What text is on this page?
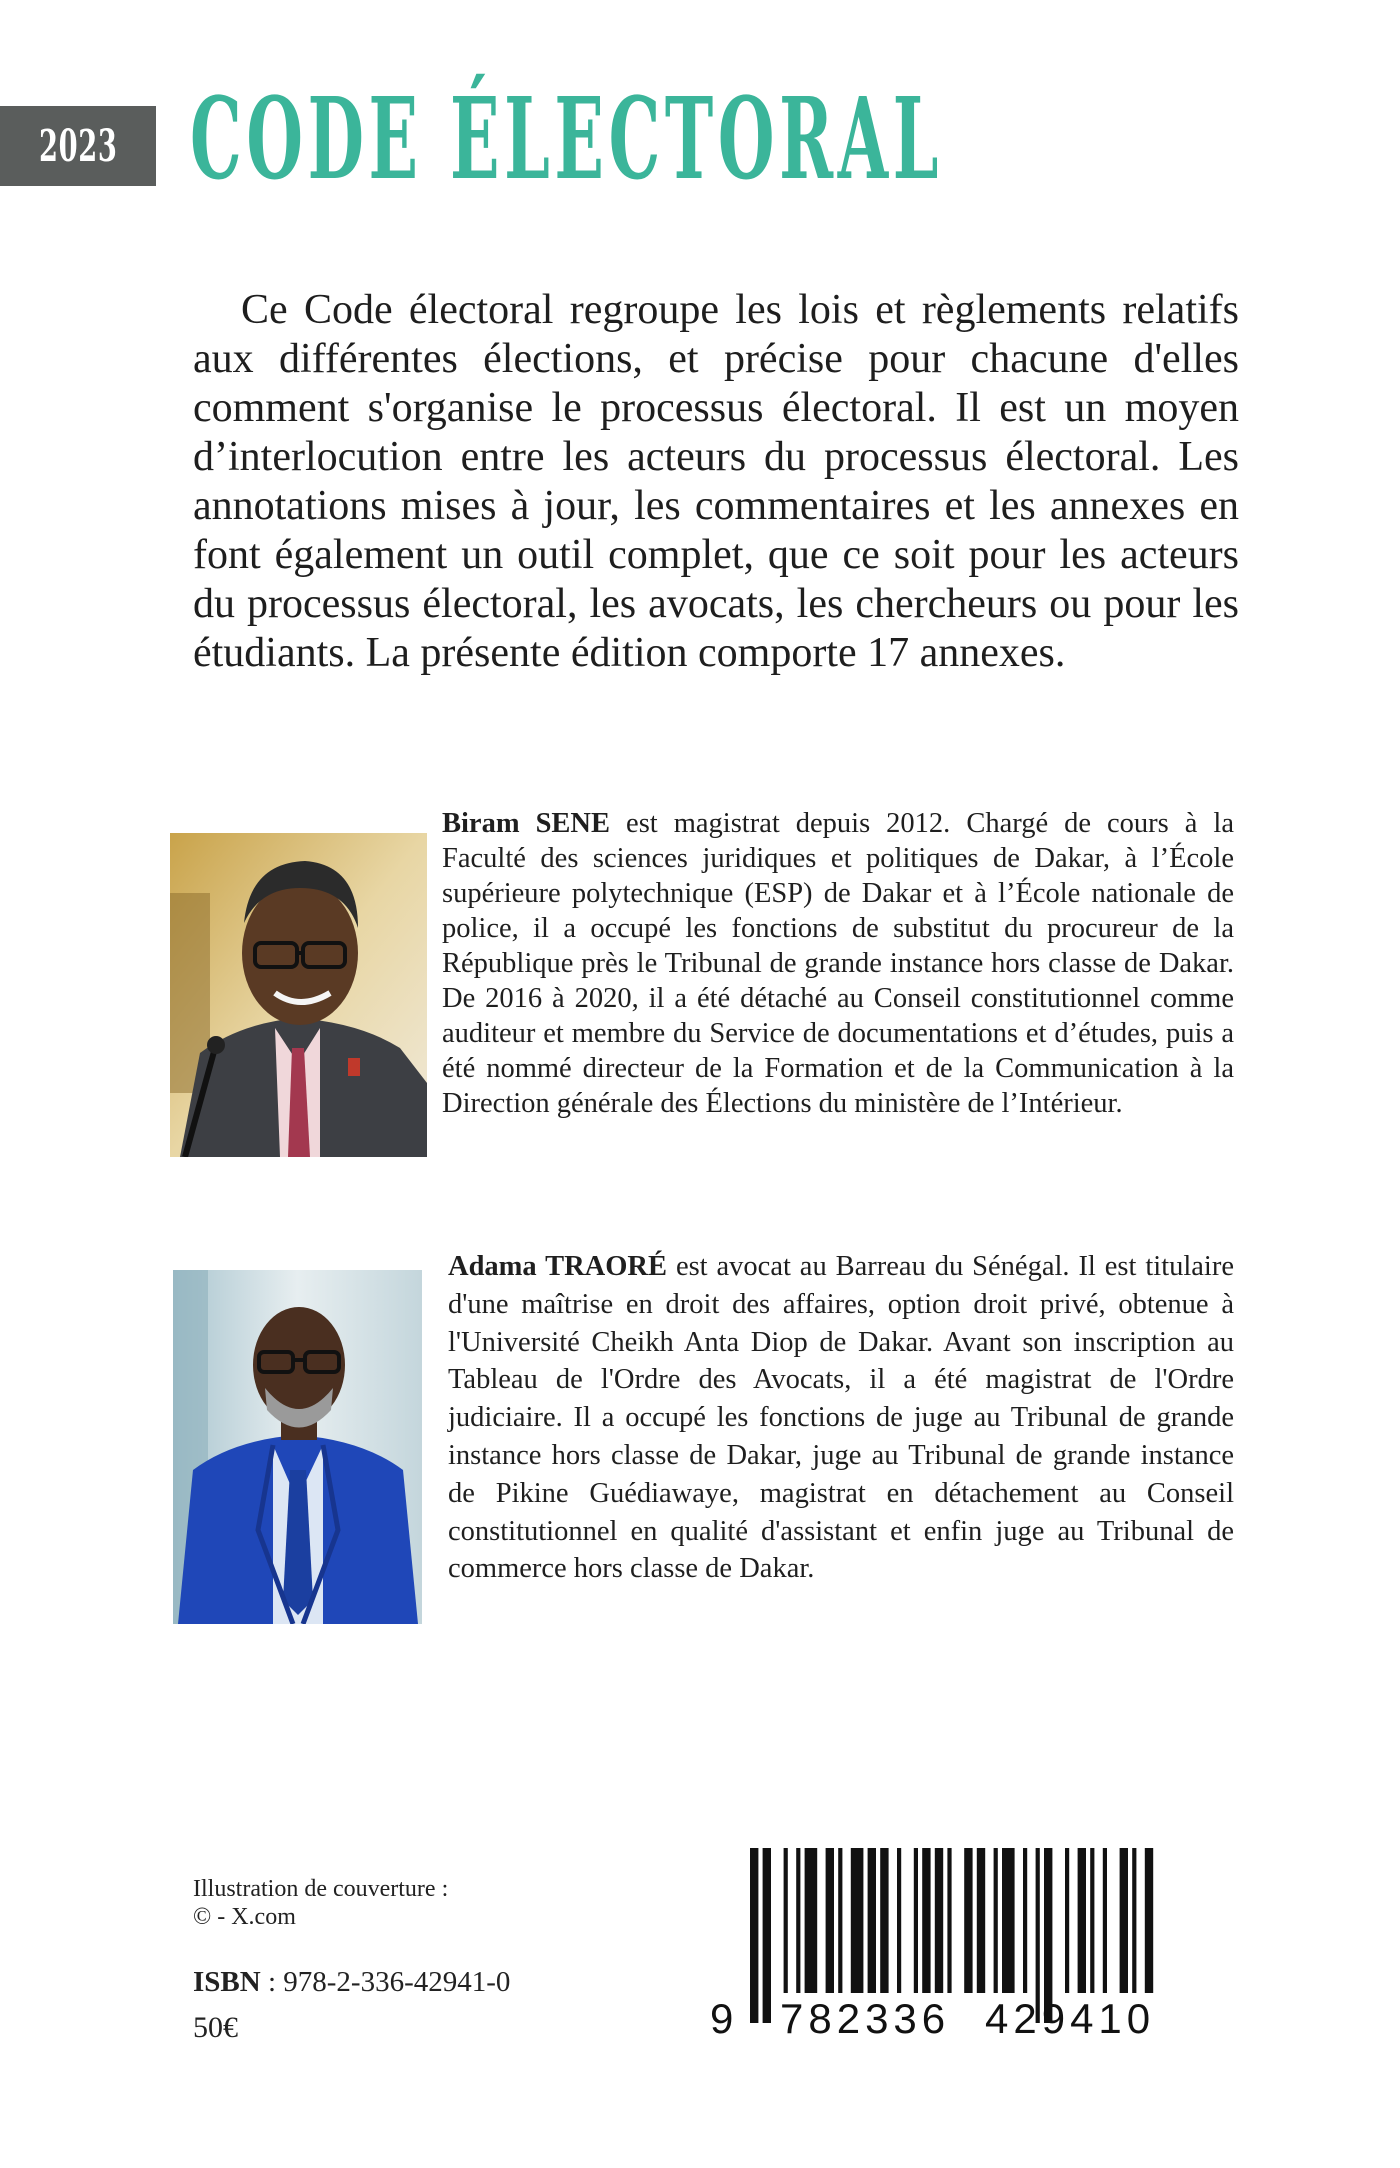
2023 CODE ÉLECTORAL
Ce Code électoral regroupe les lois et règlements relatifs aux différentes élections, et précise pour chacune d'elles comment s'organise le processus électoral. Il est un moyen d’interlocution entre les acteurs du processus électoral. Les annotations mises à jour, les commentaires et les annexes en font également un outil complet, que ce soit pour les acteurs du processus électoral, les avocats, les chercheurs ou pour les étudiants. La présente édition comporte 17 annexes.
Biram SENE est magistrat depuis 2012. Chargé de cours à la Faculté des sciences juridiques et politiques de Dakar, à l’École supérieure polytechnique (ESP) de Dakar et à l’École nationale de police, il a occupé les fonctions de substitut du procureur de la République près le Tribunal de grande instance hors classe de Dakar. De 2016 à 2020, il a été détaché au Conseil constitutionnel comme auditeur et membre du Service de documentations et d’études, puis a été nommé directeur de la Formation et de la Communication à la Direction générale des Élections du ministère de l’Intérieur.
Adama TRAORÉ est avocat au Barreau du Sénégal. Il est titulaire d'une maîtrise en droit des affaires, option droit privé, obtenue à l'Université Cheikh Anta Diop de Dakar. Avant son inscription au Tableau de l'Ordre des Avocats, il a été magistrat de l'Ordre judiciaire. Il a occupé les fonctions de juge au Tribunal de grande instance hors classe de Dakar, juge au Tribunal de grande instance de Pikine Guédiawaye, magistrat en détachement au Conseil constitutionnel en qualité d'assistant et enfin juge au Tribunal de commerce hors classe de Dakar.
Illustration de couverture :
© - X.com
ISBN : 978-2-336-42941-0
50€	9 782336 429410
